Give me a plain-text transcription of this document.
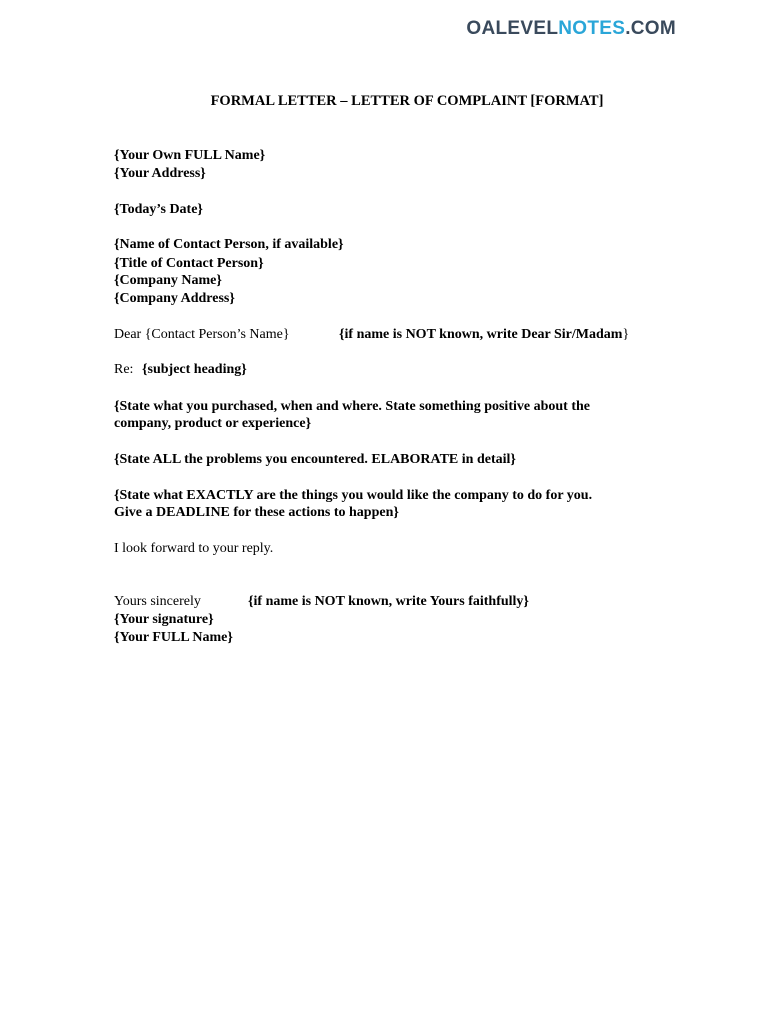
OALEVELNOTES.COM
FORMAL LETTER – LETTER OF COMPLAINT [FORMAT]
{Your Own FULL Name}
{Your Address}
{Today’s Date}
{Name of Contact Person, if available}
{Title of Contact Person}
{Company Name}
{Company Address}
Dear {Contact Person’s Name}	{if name is NOT known, write Dear Sir/Madam}
Re: {subject heading}
{State what you purchased, when and where. State something positive about the
company, product or experience}
{State ALL the problems you encountered. ELABORATE in detail}
{State what EXACTLY are the things you would like the company to do for you.
Give a DEADLINE for these actions to happen}
I look forward to your reply.
Yours sincerely	{if name is NOT known, write Yours faithfully}
{Your signature}
{Your FULL Name}
